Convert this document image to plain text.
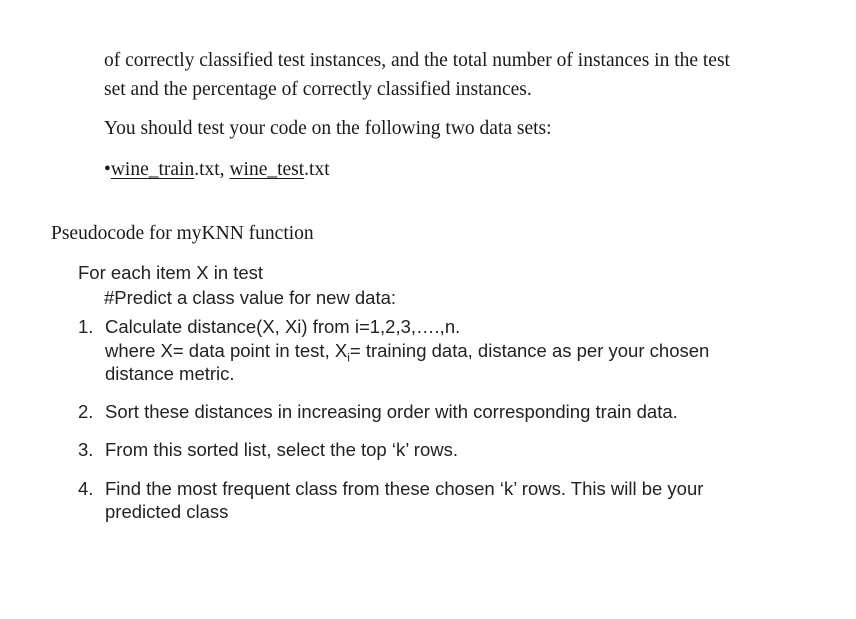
of correctly classified test instances, and the total number of instances in the test
set and the percentage of correctly classified instances.
You should test your code on the following two data sets:
•wine_train.txt, wine_test.txt
Pseudocode for myKNN function
For each item X in test
#Predict a class value for new data:
1. Calculate distance(X, Xi) from i=1,2,3,….,n.
where X= data point in test, $X_i=$ training data, distance as per your chosen
distance metric.
2. Sort these distances in increasing order with corresponding train data.
3. From this sorted list, select the top ‘k’ rows.
4. Find the most frequent class from these chosen ‘k’ rows. This will be your
predicted class
